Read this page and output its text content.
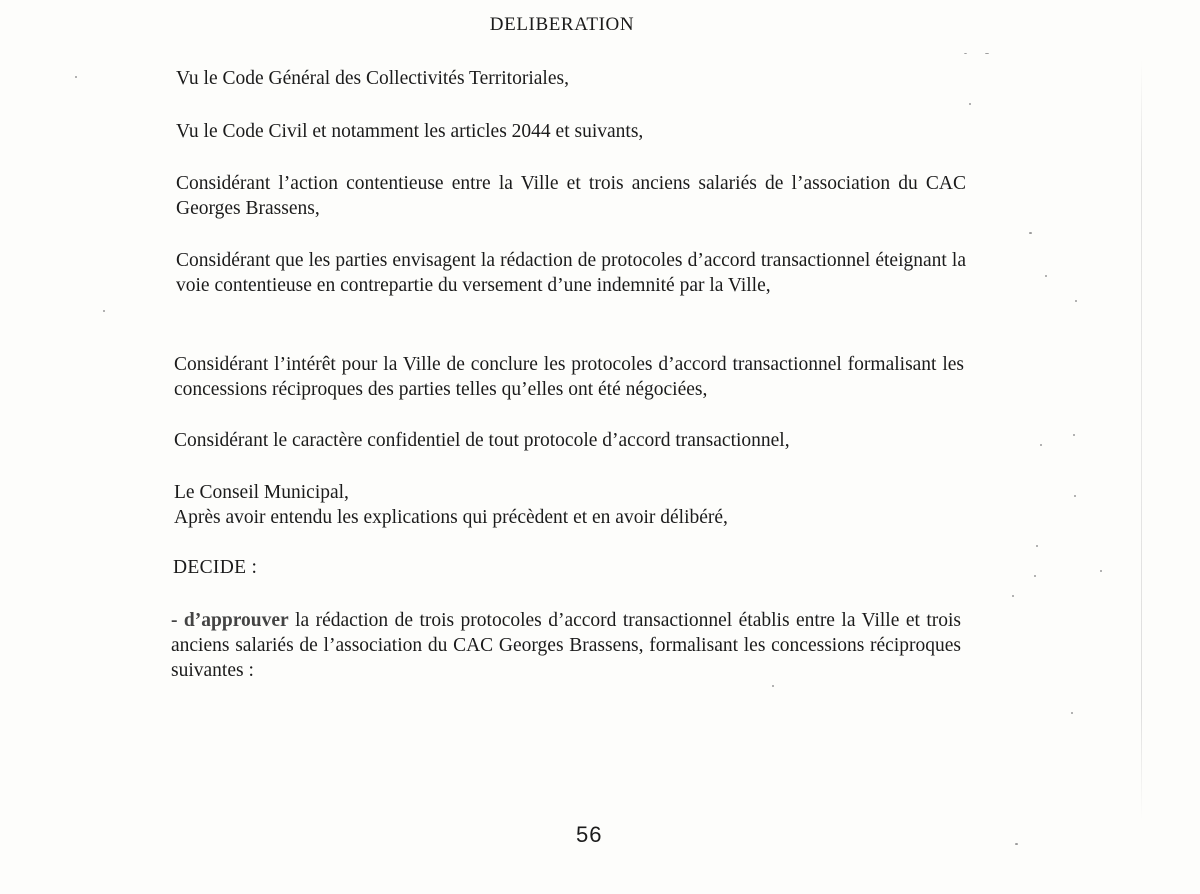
DELIBERATION

Vu le Code Général des Collectivités Territoriales,

Vu le Code Civil et notamment les articles 2044 et suivants,

Considérant l’action contentieuse entre la Ville et trois anciens salariés de l’association du CAC Georges Brassens,

Considérant que les parties envisagent la rédaction de protocoles d’accord transactionnel éteignant la voie contentieuse en contrepartie du versement d’une indemnité par la Ville,

Considérant l’intérêt pour la Ville de conclure les protocoles d’accord transactionnel formalisant les concessions réciproques des parties telles qu’elles ont été négociées,

Considérant le caractère confidentiel de tout protocole d’accord transactionnel,

Le Conseil Municipal,

Après avoir entendu les explications qui précèdent et en avoir délibéré,

DECIDE :

- d’approuver la rédaction de trois protocoles d’accord transactionnel établis entre la Ville et trois anciens salariés de l’association du CAC Georges Brassens, formalisant les concessions réciproques suivantes :

56
